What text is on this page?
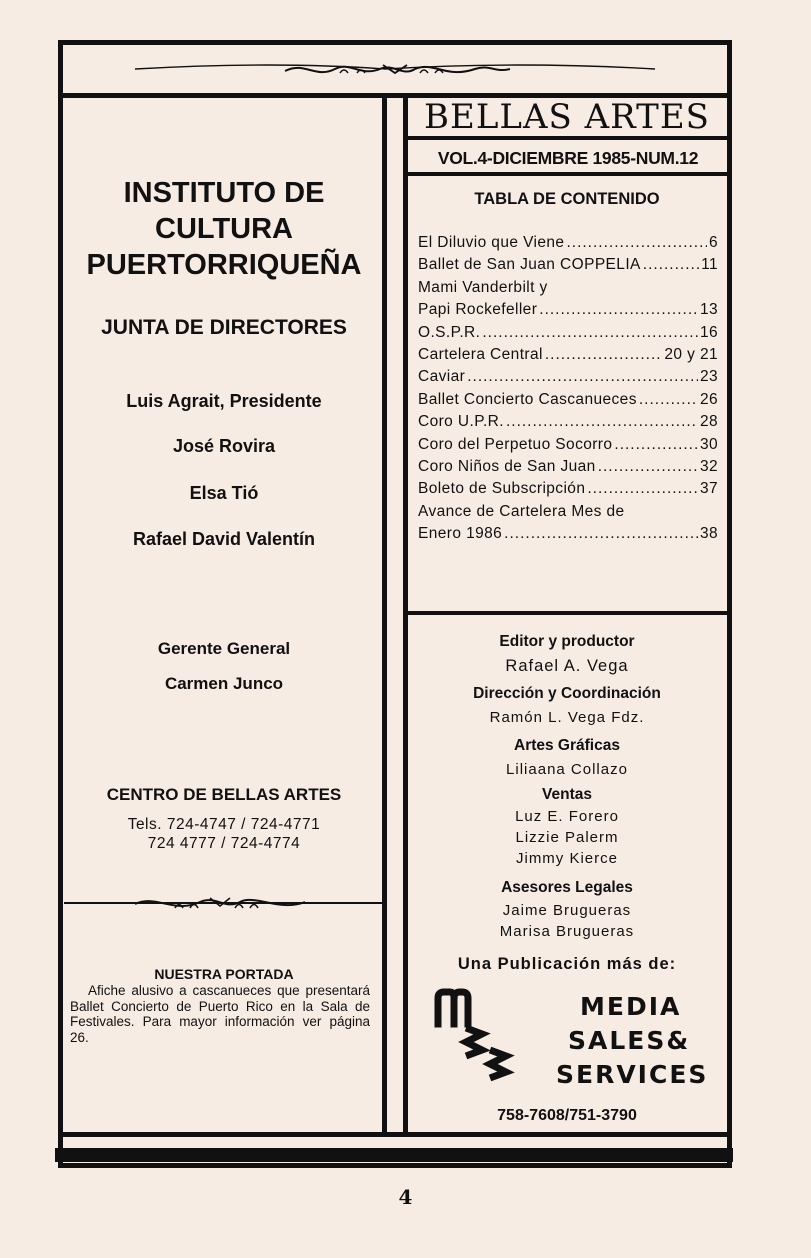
INSTITUTO DE
CULTURA
PUERTORRIQUEÑA
JUNTA DE DIRECTORES
Luis Agrait, Presidente
José Rovira
Elsa Tió
Rafael David Valentín
Gerente General
Carmen Junco
CENTRO DE BELLAS ARTES
Tels. 724-4747 / 724-4771
724 4777 / 724-4774
NUESTRA PORTADA
Afiche alusivo a cascanueces que presentará Ballet Concierto de Puerto Rico en la Sala de Festivales. Para mayor información ver página 26.
BELLAS ARTES
VOL.4-DICIEMBRE 1985-NUM.12
TABLA DE CONTENIDO
El Diluvio que Viene .....	6
Ballet de San Juan COPPELIA .....	11
Mami Vanderbilt y
Papi Rockefeller .....	13
O.S.P.R. .....	16
Cartelera Central .....	20 y 21
Caviar .....	23
Ballet Concierto Cascanueces .....	26
Coro U.P.R. .....	28
Coro del Perpetuo Socorro .....	30
Coro Niños de San Juan .....	32
Boleto de Subscripción .....	37
Avance de Cartelera Mes de
Enero 1986 .....	38
Editor y productor
Rafael A. Vega
Dirección y Coordinación
Ramón L. Vega Fdz.
Artes Gráficas
Liliaana Collazo
Ventas
Luz E. Forero
Lizzie Palerm
Jimmy Kierce
Asesores Legales
Jaime Brugueras
Marisa Brugueras
Una Publicación más de:
MEDIA
SALES&
SERVICES
758-7608/751-3790
4
